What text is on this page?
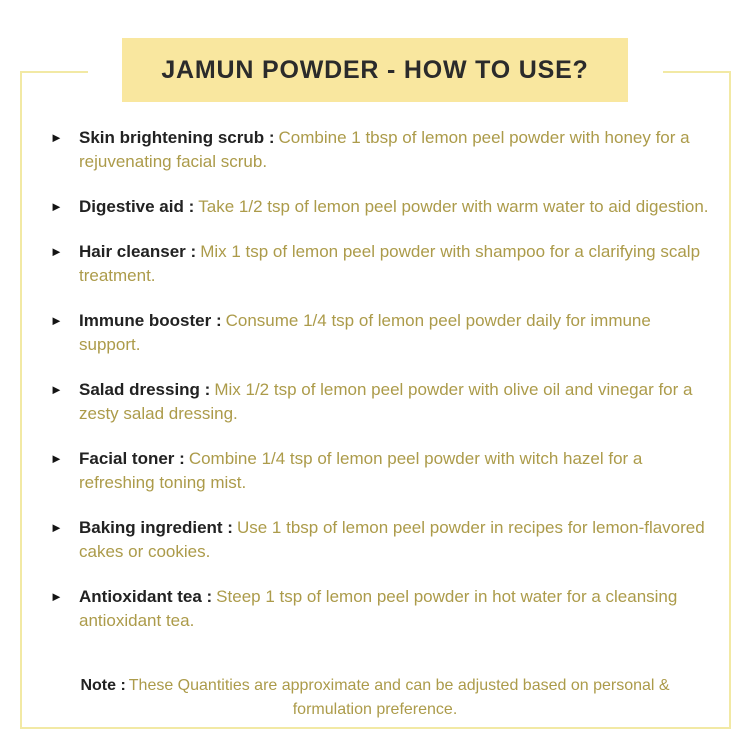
JAMUN POWDER - HOW TO USE?
► Skin brightening scrub : Combine 1 tbsp of lemon peel powder with honey for a rejuvenating facial scrub.

► Digestive aid : Take 1/2 tsp of lemon peel powder with warm water to aid digestion.

► Hair cleanser : Mix 1 tsp of lemon peel powder with shampoo for a clarifying scalp treatment.

► Immune booster : Consume 1/4 tsp of lemon peel powder daily for immune support.

► Salad dressing : Mix 1/2 tsp of lemon peel powder with olive oil and vinegar for a zesty salad dressing.

► Facial toner : Combine 1/4 tsp of lemon peel powder with witch hazel for a refreshing toning mist.

► Baking ingredient : Use 1 tbsp of lemon peel powder in recipes for lemon-flavored cakes or cookies.

► Antioxidant tea : Steep 1 tsp of lemon peel powder in hot water for a cleansing antioxidant tea.

Note : These Quantities are approximate and can be adjusted based on personal & formulation preference.
